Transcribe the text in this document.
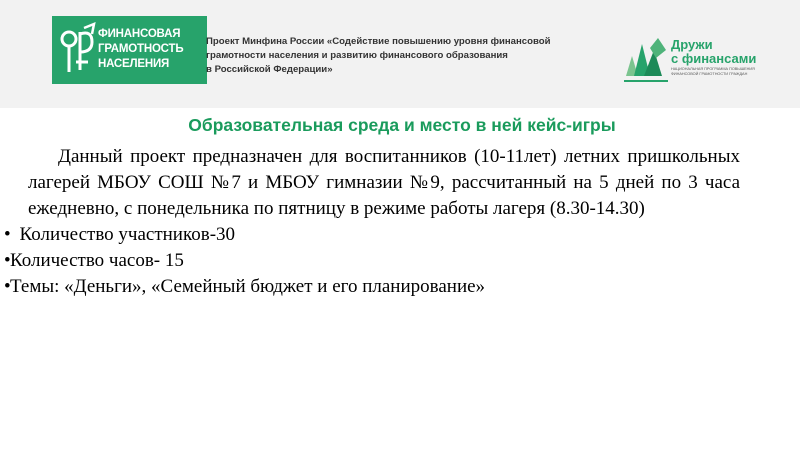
ФИНАНСОВАЯ
ГРАМОТНОСТЬ
НАСЕЛЕНИЯ
Проект Минфина России «Содействие повышению уровня финансовой
грамотности населения и развитию финансового образования
в Российской Федерации»
Дружи
с финансами
НАЦИОНАЛЬНАЯ ПРОГРАММА ПОВЫШЕНИЯ
ФИНАНСОВОЙ ГРАМОТНОСТИ ГРАЖДАН
Образовательная среда и место в ней кейс-игры

Данный проект предназначен для воспитанников (10-11лет) летних пришкольных лагерей МБОУ СОШ №7 и МБОУ гимназии №9, рассчитанный на 5 дней по 3 часа ежедневно, с понедельника по пятницу в режиме работы лагеря (8.30-14.30)

• Количество участников-30
•Количество часов- 15
•Темы: «Деньги», «Семейный бюджет и его планирование»
